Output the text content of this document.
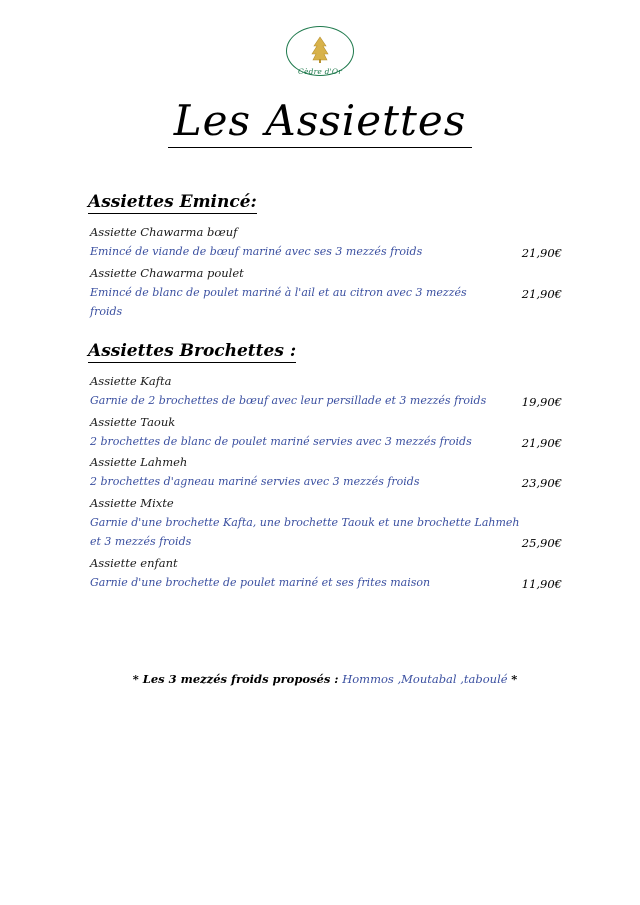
Cèdre d'Or
Les Assiettes
Assiettes Emincé:
Assiette Chawarma bœuf
Emincé de viande de bœuf mariné avec ses 3 mezzés froids	21,90€
Assiette Chawarma poulet
Emincé de blanc de poulet mariné à l'ail et au citron avec 3 mezzés froids
21,90€
Assiettes Brochettes :
Assiette Kafta
Garnie de 2 brochettes de bœuf avec leur persillade et 3 mezzés froids	19,90€
Assiette Taouk
2 brochettes de blanc de poulet mariné servies avec 3 mezzés froids	21,90€
Assiette Lahmeh
2 brochettes d'agneau mariné servies avec 3 mezzés froids	23,90€
Assiette Mixte
Garnie d'une brochette Kafta, une brochette Taouk et une brochette Lahmeh
et 3 mezzés froids	25,90€
Assiette enfant
Garnie d'une brochette de poulet mariné et ses frites maison	11,90€
* Les 3 mezzés froids proposés : Hommos ,Moutabal ,taboulé *
